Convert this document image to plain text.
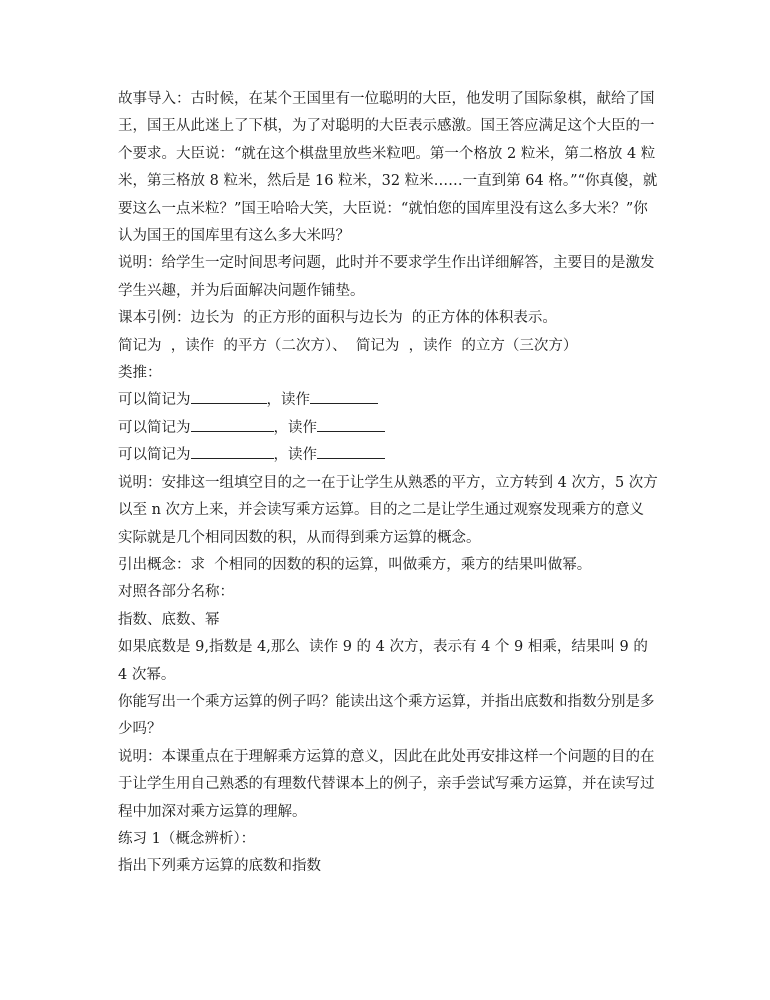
故事导入：古时候，在某个王国里有一位聪明的大臣，他发明了国际象棋，献给了国王，国王从此迷上了下棋，为了对聪明的大臣表示感激。国王答应满足这个大臣的一个要求。大臣说：“就在这个棋盘里放些米粒吧。第一个格放 2 粒米，第二格放 4 粒米，第三格放 8 粒米，然后是 16 粒米，32 粒米……一直到第 64 格。”“你真傻，就要这么一点米粒？”国王哈哈大笑，大臣说：“就怕您的国库里没有这么多大米？”你认为国王的国库里有这么多大米吗？

说明：给学生一定时间思考问题，此时并不要求学生作出详细解答，主要目的是激发学生兴趣，并为后面解决问题作铺垫。

课本引例：边长为  的正方形的面积与边长为  的正方体的体积表示。

简记为  ，读作  的平方（二次方）、  简记为  ，读作  的立方（三次方）

类推：

可以简记为	，读作

可以简记为	，读作

可以简记为	，读作

说明：安排这一组填空目的之一在于让学生从熟悉的平方，立方转到 4 次方，5 次方以至 n 次方上来，并会读写乘方运算。目的之二是让学生通过观察发现乘方的意义实际就是几个相同因数的积，从而得到乘方运算的概念。

引出概念：求  个相同的因数的积的运算，叫做乘方，乘方的结果叫做幂。

对照各部分名称：

指数、底数、幂

如果底数是 9,指数是 4,那么  读作 9 的 4 次方，表示有 4 个 9 相乘，结果叫 9 的 4 次幂。

你能写出一个乘方运算的例子吗？能读出这个乘方运算，并指出底数和指数分别是多少吗？

说明：本课重点在于理解乘方运算的意义，因此在此处再安排这样一个问题的目的在于让学生用自己熟悉的有理数代替课本上的例子，亲手尝试写乘方运算，并在读写过程中加深对乘方运算的理解。

练习 1（概念辨析）：

指出下列乘方运算的底数和指数
